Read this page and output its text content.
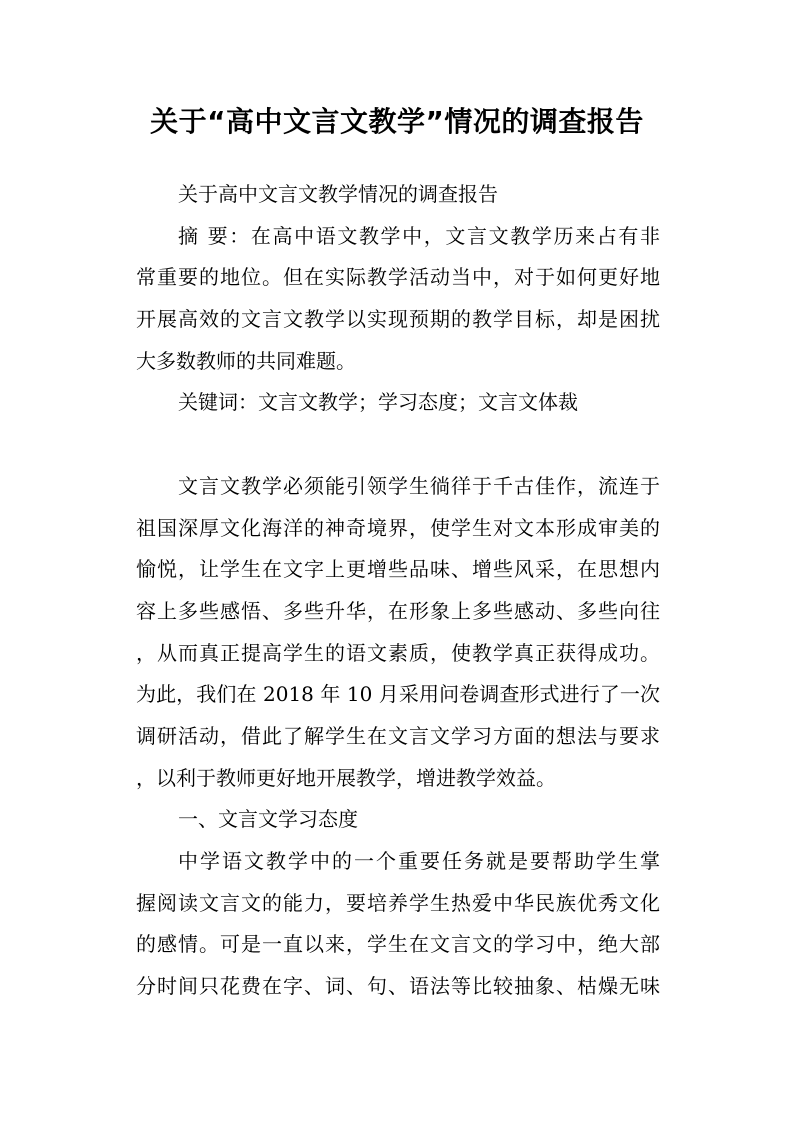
关于“高中文言文教学”情况的调查报告
关于高中文言文教学情况的调查报告
摘 要：在高中语文教学中，文言文教学历来占有非
常重要的地位。但在实际教学活动当中，对于如何更好地
开展高效的文言文教学以实现预期的教学目标，却是困扰
大多数教师的共同难题。
关键词：文言文教学；学习态度；文言文体裁
文言文教学必须能引领学生徜徉于千古佳作，流连于
祖国深厚文化海洋的神奇境界，使学生对文本形成审美的
愉悦，让学生在文字上更增些品味、增些风采，在思想内
容上多些感悟、多些升华，在形象上多些感动、多些向往
，从而真正提高学生的语文素质，使教学真正获得成功。
为此，我们在 2018 年 10 月采用问卷调查形式进行了一次
调研活动，借此了解学生在文言文学习方面的想法与要求
，以利于教师更好地开展教学，增进教学效益。
一、文言文学习态度
中学语文教学中的一个重要任务就是要帮助学生掌
握阅读文言文的能力，要培养学生热爱中华民族优秀文化
的感情。可是一直以来，学生在文言文的学习中，绝大部
分时间只花费在字、词、句、语法等比较抽象、枯燥无味
